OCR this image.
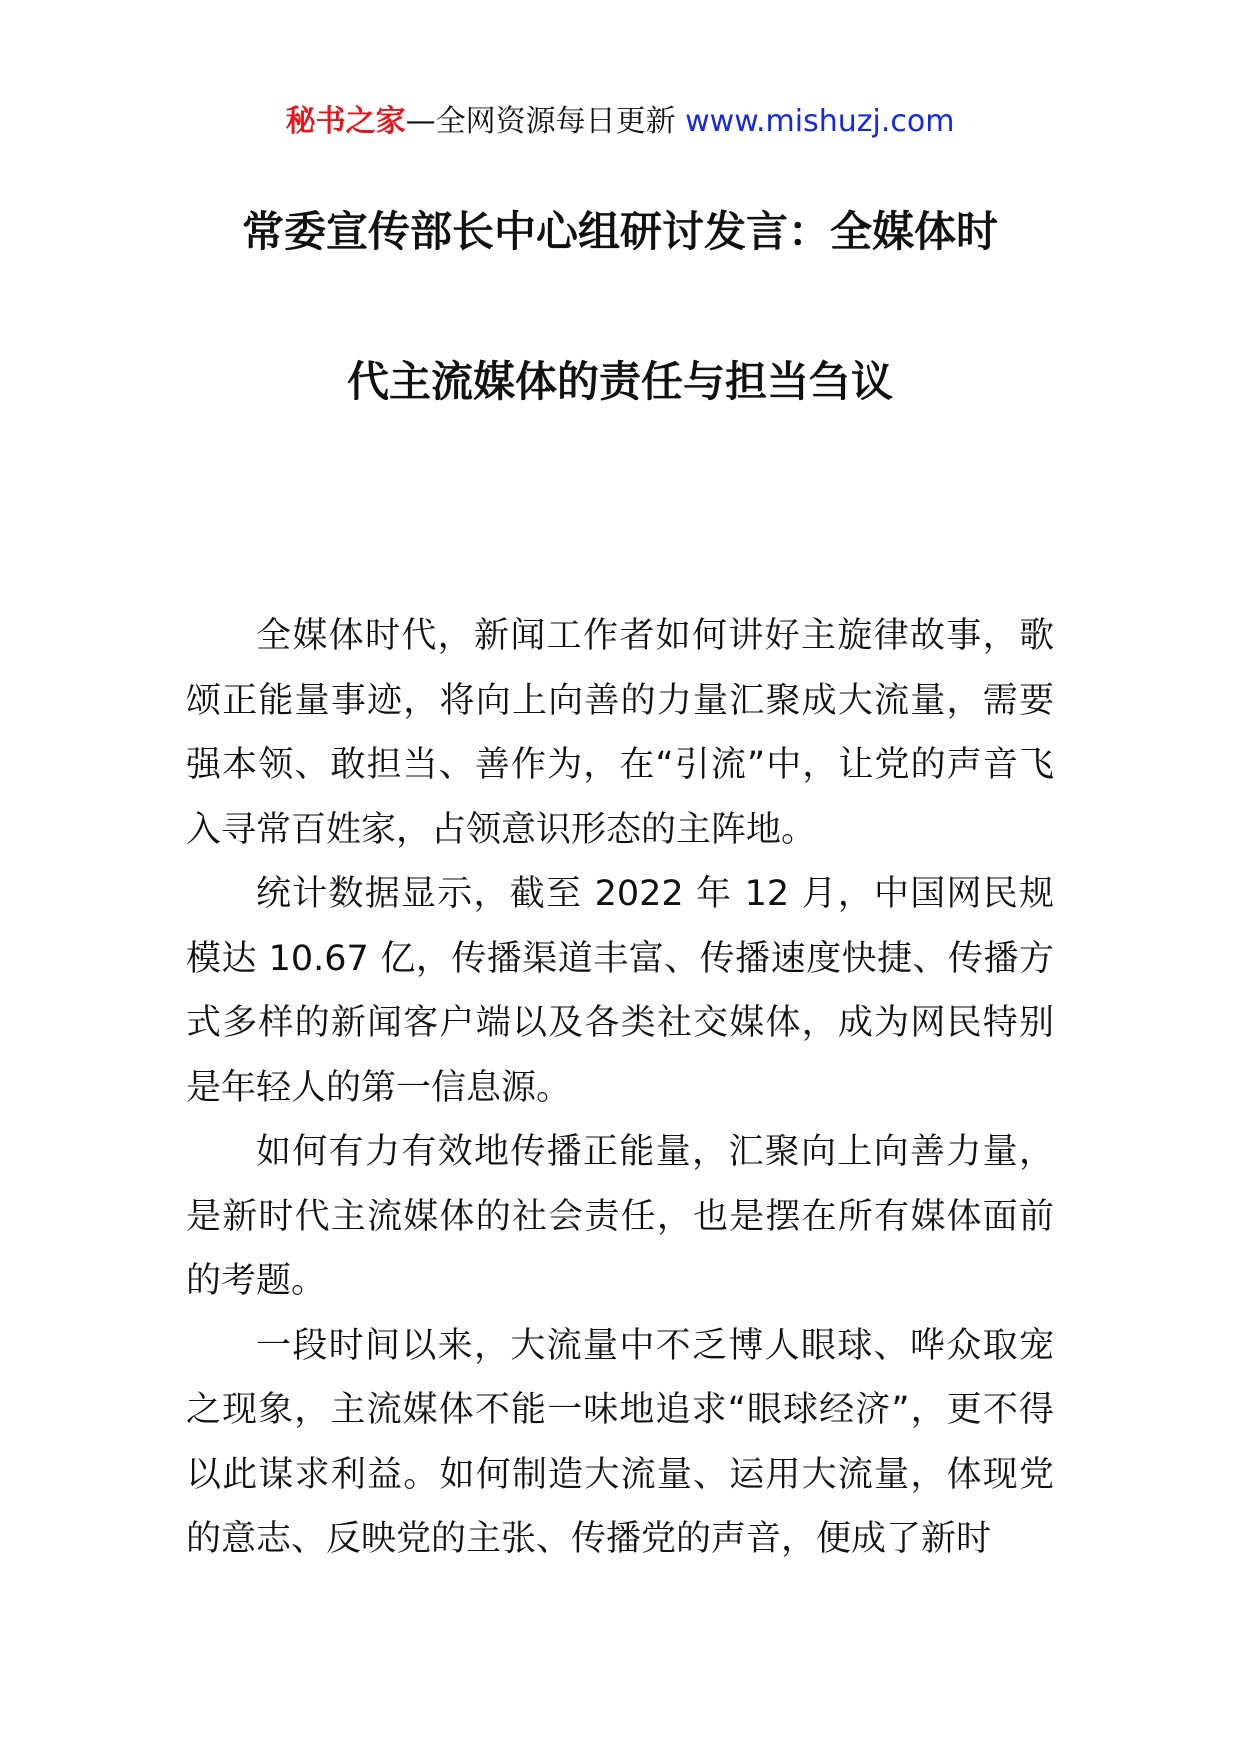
秘书之家—全网资源每日更新 www.mishuzj.com
常委宣传部长中心组研讨发言：全媒体时
代主流媒体的责任与担当刍议

全媒体时代，新闻工作者如何讲好主旋律故事，歌颂正能量事迹，将向上向善的力量汇聚成大流量，需要强本领、敢担当、善作为，在“引流”中，让党的声音飞入寻常百姓家，占领意识形态的主阵地。

统计数据显示，截至 2022 年 12 月，中国网民规模达 10.67 亿，传播渠道丰富、传播速度快捷、传播方式多样的新闻客户端以及各类社交媒体，成为网民特别是年轻人的第一信息源。

如何有力有效地传播正能量，汇聚向上向善力量，是新时代主流媒体的社会责任，也是摆在所有媒体面前的考题。

一段时间以来，大流量中不乏博人眼球、哗众取宠之现象，主流媒体不能一味地追求“眼球经济”，更不得以此谋求利益。如何制造大流量、运用大流量，体现党的意志、反映党的主张、传播党的声音，便成了新时
